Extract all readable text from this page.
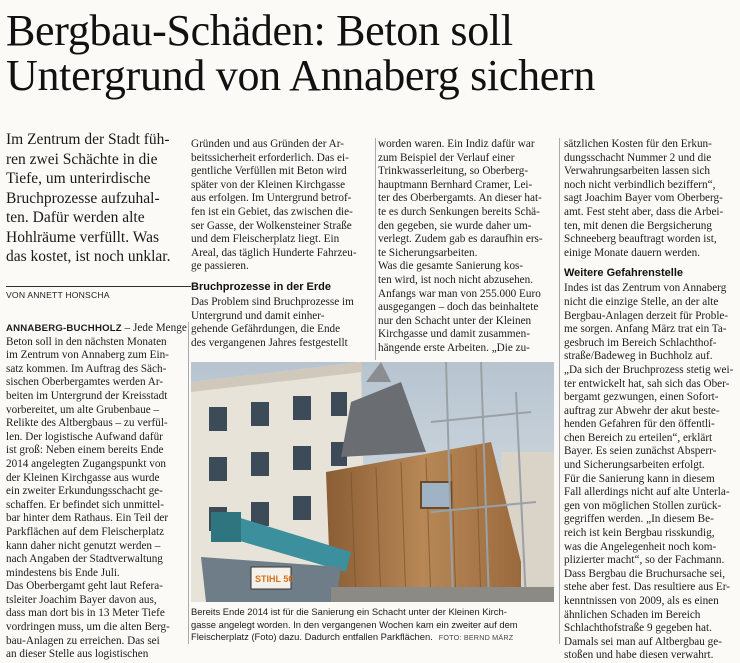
Bergbau-Schäden: Beton soll
Untergrund von Annaberg sichern
Im Zentrum der Stadt füh-
ren zwei Schächte in die
Tiefe, um unterirdische
Bruchprozesse aufzuhal-
ten. Dafür werden alte
Hohlräume verfüllt. Was
das kostet, ist noch unklar.
VON ANNETT HONSCHA
ANNABERG-BUCHHOLZ – Jede Menge
Beton soll in den nächsten Monaten
im Zentrum von Annaberg zum Ein-
satz kommen. Im Auftrag des Säch-
sischen Oberbergamtes werden Ar-
beiten im Untergrund der Kreisstadt
vorbereitet, um alte Grubenbaue –
Relikte des Altbergbaus – zu verfül-
len. Der logistische Aufwand dafür
ist groß: Neben einem bereits Ende
2014 angelegten Zugangspunkt von
der Kleinen Kirchgasse aus wurde
ein zweiter Erkundungsschacht ge-
schaffen. Er befindet sich unmittel-
bar hinter dem Rathaus. Ein Teil der
Parkflächen auf dem Fleischerplatz
kann daher nicht genutzt werden –
nach Angaben der Stadtverwaltung
mindestens bis Ende Juli.
Das Oberbergamt geht laut Refera-
tsleiter Joachim Bayer davon aus,
dass man dort bis in 13 Meter Tiefe
vordringen muss, um die alten Berg-
bau-Anlagen zu erreichen. Das sei
an dieser Stelle aus logistischen
Gründen und aus Gründen der Ar-
beitssicherheit erforderlich. Das ei-
gentliche Verfüllen mit Beton wird
später von der Kleinen Kirchgasse
aus erfolgen. Im Untergrund betrof-
fen ist ein Gebiet, das zwischen die-
ser Gasse, der Wolkensteiner Straße
und dem Fleischerplatz liegt. Ein
Areal, das täglich Hunderte Fahrzeu-
ge passieren.
Bruchprozesse in der Erde
Das Problem sind Bruchprozesse im
Untergrund und damit einher-
gehende Gefährdungen, die Ende
des vergangenen Jahres festgestellt
worden waren. Ein Indiz dafür war
zum Beispiel der Verlauf einer
Trinkwasserleitung, so Oberberg-
hauptmann Bernhard Cramer, Lei-
ter des Oberbergamts. An dieser hat-
te es durch Senkungen bereits Schä-
den gegeben, sie wurde daher um-
verlegt. Zudem gab es daraufhin ers-
te Sicherungsarbeiten.
Was die gesamte Sanierung kos-
ten wird, ist noch nicht abzusehen.
Anfangs war man von 255.000 Euro
ausgegangen – doch das beinhaltete
nur den Schacht unter der Kleinen
Kirchgasse und damit zusammen-
hängende erste Arbeiten. „Die zu-
sätzlichen Kosten für den Erkun-
dungsschacht Nummer 2 und die
Verwahrungsarbeiten lassen sich
noch nicht verbindlich beziffern“,
sagt Joachim Bayer vom Oberberg-
amt. Fest steht aber, dass die Arbei-
ten, mit denen die Bergsicherung
Schneeberg beauftragt worden ist,
einige Monate dauern werden.
Weitere Gefahrenstelle
Indes ist das Zentrum von Annaberg
nicht die einzige Stelle, an der alte
Bergbau-Anlagen derzeit für Proble-
me sorgen. Anfang März trat ein Ta-
gesbruch im Bereich Schlachthof-
straße/Badeweg in Buchholz auf.
„Da sich der Bruchprozess stetig wei-
ter entwickelt hat, sah sich das Ober-
bergamt gezwungen, einen Sofort-
auftrag zur Abwehr der akut beste-
henden Gefahren für den öffentli-
chen Bereich zu erteilen“, erklärt
Bayer. Es seien zunächst Absperr-
und Sicherungsarbeiten erfolgt.
Für die Sanierung kann in diesem
Fall allerdings nicht auf alte Unterla-
gen von möglichen Stollen zurück-
gegriffen werden. „In diesem Be-
reich ist kein Bergbau risskundig,
was die Angelegenheit noch kom-
plizierter macht“, so der Fachmann.
Dass Bergbau die Bruchursache sei,
stehe aber fest. Das resultiere aus Er-
kenntnissen von 2009, als es einen
ähnlichen Schaden im Bereich
Schlachthofstraße 9 gegeben hat.
Damals sei man auf Altbergbau ge-
stoßen und habe diesen verwahrt.
STIHL 50
Bereits Ende 2014 ist für die Sanierung ein Schacht unter der Kleinen Kirch-
gasse angelegt worden. In den vergangenen Wochen kam ein zweiter auf dem
Fleischerplatz (Foto) dazu. Dadurch entfallen Parkflächen. FOTO: BERND MÄRZ
